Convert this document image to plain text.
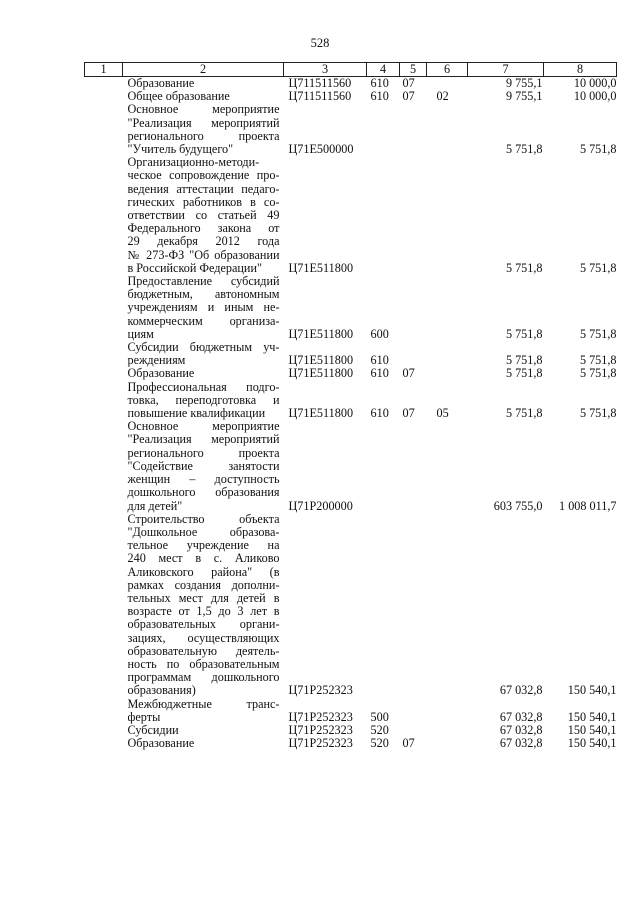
528
1	2	3	4	5	6	7	8

	Образование	Ц711511560	610	07		9 755,1	10 000,0

	Общее образование	Ц711511560	610	07	02	9 755,1	10 000,0

	Основное мероприятие
"Реализация мероприятий
регионального проекта
"Учитель будущего"	Ц71Е500000				5 751,8	5 751,8

Организационно-методи-
ческое сопровождение про-
ведения аттестации педаго-
гических работников в со-
ответствии со статьей 49
Федерального закона от
29 декабря 2012 года
№ 273-ФЗ "Об образовании
в Российской Федерации"	Ц71Е511800				5 751,8	5 751,8

	Предоставление субсидий
бюджетным, автономным
учреждениям и иным не-
коммерческим организа-
циям	Ц71Е511800	600			5 751,8	5 751,8

	Субсидии бюджетным уч-
реждениям	Ц71Е511800	610			5 751,8	5 751,8

	Образование	Ц71Е511800	610	07		5 751,8	5 751,8

	Профессиональная подго-
товка, переподготовка и
повышение квалификации	Ц71Е511800	610	07	05	5 751,8	5 751,8

Основное мероприятие
"Реализация мероприятий
регионального проекта
"Содействие занятости
женщин – доступность
дошкольного образования
для детей"	Ц71Р200000				603 755,0	1 008 011,7

Строительство объекта
"Дошкольное образова-
тельное учреждение на
240 мест в с. Аликово
Аликовского района" (в
рамках создания дополни-
тельных мест для детей в
возрасте от 1,5 до 3 лет в
образовательных органи-
зациях, осуществляющих
образовательную деятель-
ность по образовательным
программам дошкольного
образования)	Ц71Р252323				67 032,8	150 540,1

	Межбюджетные транс-
ферты	Ц71Р252323	500			67 032,8	150 540,1

	Субсидии	Ц71Р252323	520			67 032,8	150 540,1

	Образование	Ц71Р252323	520	07		67 032,8	150 540,1
